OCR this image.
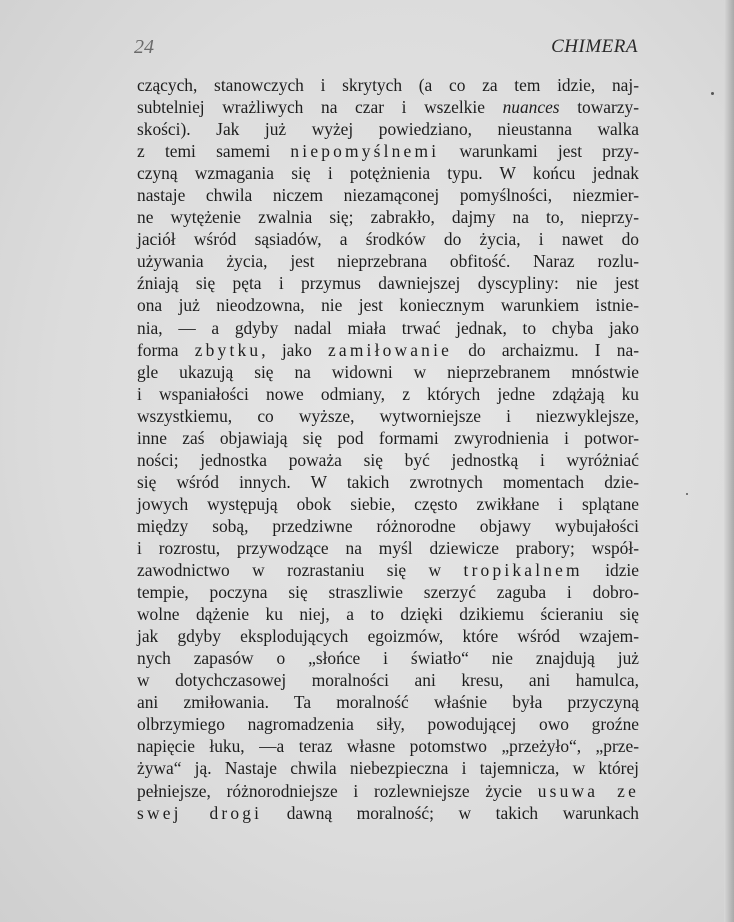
24	CHIMERA
czących, stanowczych i skrytych (a co za tem idzie, naj-
subtelniej wrażliwych na czar i wszelkie nuances towarzy-
skości). Jak już wyżej powiedziano, nieustanna walka
z temi samemi niepomyślnemi warunkami jest przy-
czyną wzmagania się i potężnienia typu. W końcu jednak
nastaje chwila niczem niezamąconej pomyślności, niezmier-
ne wytężenie zwalnia się; zabrakło, dajmy na to, nieprzy-
jaciół wśród sąsiadów, a środków do życia, i nawet do
używania życia, jest nieprzebrana obfitość. Naraz rozlu-
źniają się pęta i przymus dawniejszej dyscypliny: nie jest
ona już nieodzowna, nie jest koniecznym warunkiem istnie-
nia, — a gdyby nadal miała trwać jednak, to chyba jako
forma zbytku, jako zamiłowanie do archaizmu. I na-
gle ukazują się na widowni w nieprzebranem mnóstwie
i wspaniałości nowe odmiany, z których jedne zdążają ku
wszystkiemu, co wyższe, wytworniejsze i niezwyklejsze,
inne zaś objawiają się pod formami zwyrodnienia i potwor-
ności; jednostka poważa się być jednostką i wyróżniać
się wśród innych. W takich zwrotnych momentach dzie-
jowych występują obok siebie, często zwikłane i splątane
między sobą, przedziwne różnorodne objawy wybujałości
i rozrostu, przywodzące na myśl dziewicze prabory; współ-
zawodnictwo w rozrastaniu się w tropikalnem idzie
tempie, poczyna się straszliwie szerzyć zaguba i dobro-
wolne dążenie ku niej, a to dzięki dzikiemu ścieraniu się
jak gdyby eksplodujących egoizmów, które wśród wzajem-
nych zapasów o „słońce i światło“ nie znajdują już
w dotychczasowej moralności ani kresu, ani hamulca,
ani zmiłowania. Ta moralność właśnie była przyczyną
olbrzymiego nagromadzenia siły, powodującej owo groźne
napięcie łuku, —a teraz własne potomstwo „przeżyło“, „prze-
żywa“ ją. Nastaje chwila niebezpieczna i tajemnicza, w której
pełniejsze, różnorodniejsze i rozlewniejsze życie usuwa ze
swej drogi dawną moralność; w takich warunkach
